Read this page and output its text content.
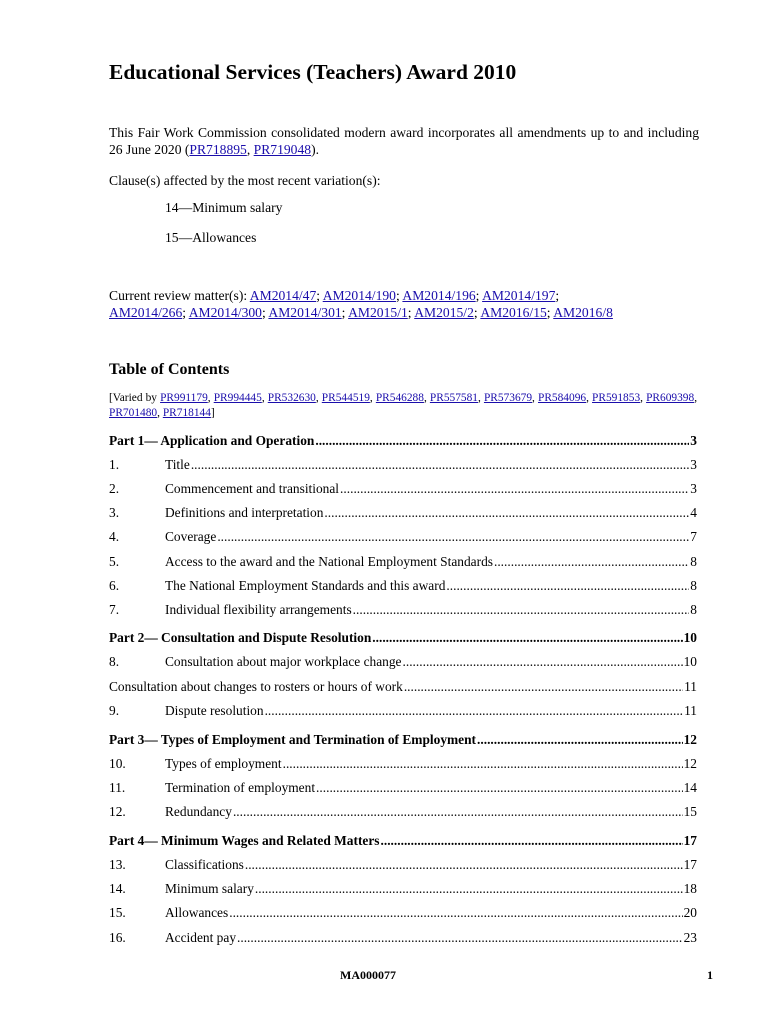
Educational Services (Teachers) Award 2010

This Fair Work Commission consolidated modern award incorporates all amendments up to and including 26 June 2020 (PR718895, PR719048).

Clause(s) affected by the most recent variation(s):

14—Minimum salary
15—Allowances

Current review matter(s): AM2014/47; AM2014/190; AM2014/196; AM2014/197;
AM2014/266; AM2014/300; AM2014/301; AM2015/1; AM2015/2; AM2016/15; AM2016/8

Table of Contents

[Varied by PR991179, PR994445, PR532630, PR544519, PR546288, PR557581, PR573679, PR584096, PR591853, PR609398, PR701480, PR718144]

Part 1— Application and Operation .....	3
1.	Title .....	3
2.	Commencement and transitional .....	3
3.	Definitions and interpretation .....	4
4.	Coverage .....	7
5.	Access to the award and the National Employment Standards .....	8
6.	The National Employment Standards and this award .....	8
7.	Individual flexibility arrangements .....	8
Part 2— Consultation and Dispute Resolution .....	10
8.	Consultation about major workplace change .....	10
Consultation about changes to rosters or hours of work .....	11
9.	Dispute resolution .....	11
Part 3— Types of Employment and Termination of Employment .....	12
10.	Types of employment .....	12
11.	Termination of employment .....	14
12.	Redundancy .....	15
Part 4— Minimum Wages and Related Matters .....	17
13.	Classifications .....	17
14.	Minimum salary .....	18
15.	Allowances .....	20
16.	Accident pay .....	23
MA000077	1
